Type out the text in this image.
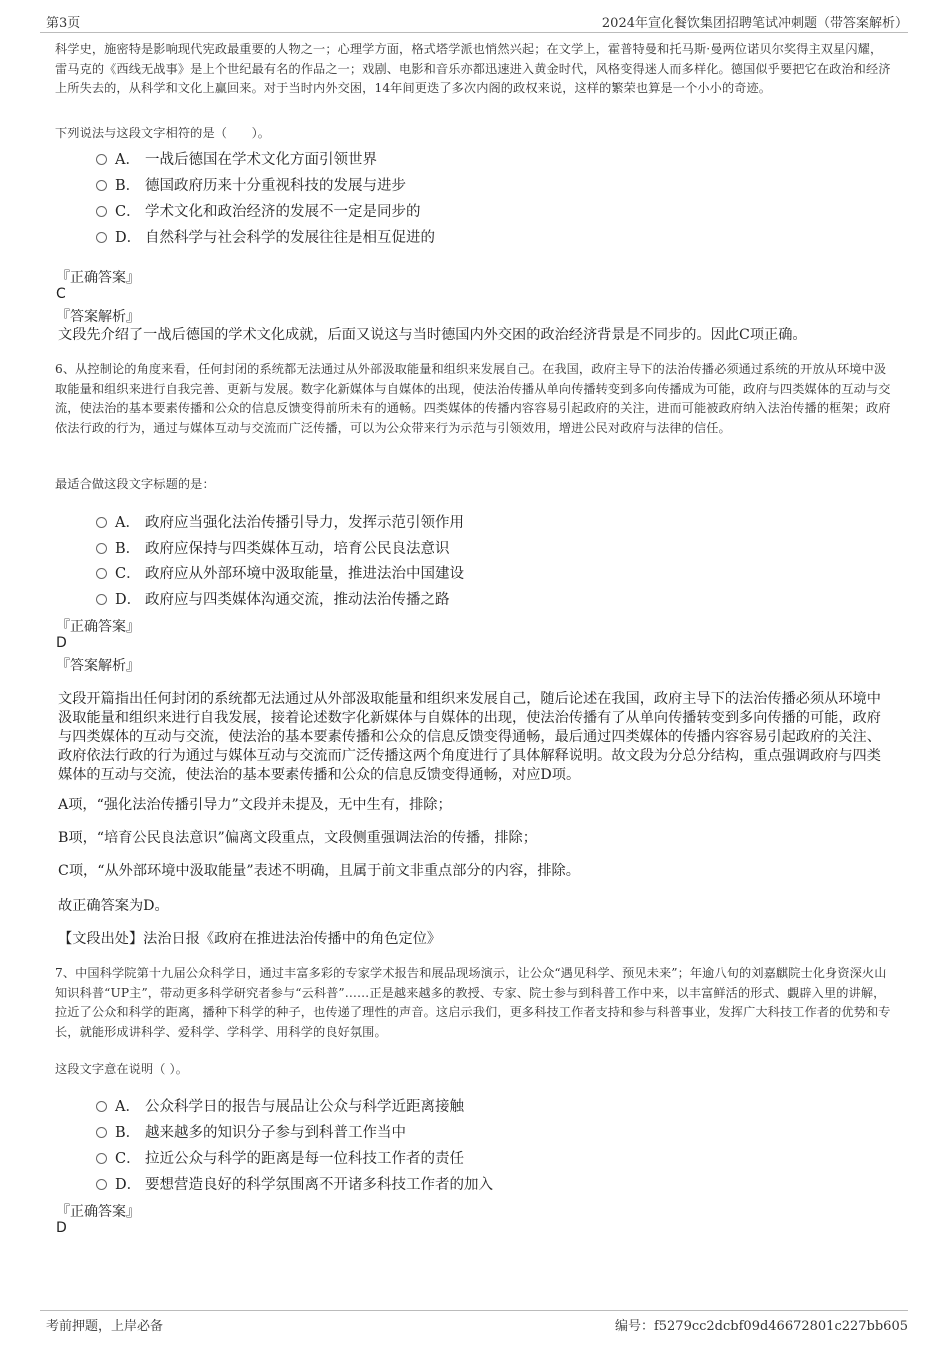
第3页	2024年宣化餐饮集团招聘笔试冲刺题（带答案解析）
科学史，施密特是影响现代宪政最重要的人物之一；心理学方面，格式塔学派也悄然兴起；在文学上，霍普特曼和托马斯·曼两位诺贝尔奖得主双星闪耀，雷马克的《西线无战事》是上个世纪最有名的作品之一；戏剧、电影和音乐亦都迅速进入黄金时代，风格变得迷人而多样化。德国似乎要把它在政治和经济上所失去的，从科学和文化上赢回来。对于当时内外交困，14年间更迭了多次内阁的政权来说，这样的繁荣也算是一个小小的奇迹。
下列说法与这段文字相符的是（　　）。
A． 一战后德国在学术文化方面引领世界
B． 德国政府历来十分重视科技的发展与进步
C． 学术文化和政治经济的发展不一定是同步的
D． 自然科学与社会科学的发展往往是相互促进的
『正确答案』
C
『答案解析』
文段先介绍了一战后德国的学术文化成就，后面又说这与当时德国内外交困的政治经济背景是不同步的。因此C项正确。
6、从控制论的角度来看，任何封闭的系统都无法通过从外部汲取能量和组织来发展自己。在我国，政府主导下的法治传播必须通过系统的开放从环境中汲取能量和组织来进行自我完善、更新与发展。数字化新媒体与自媒体的出现，使法治传播从单向传播转变到多向传播成为可能，政府与四类媒体的互动与交流，使法治的基本要素传播和公众的信息反馈变得前所未有的通畅。四类媒体的传播内容容易引起政府的关注，进而可能被政府纳入法治传播的框架；政府依法行政的行为，通过与媒体互动与交流而广泛传播，可以为公众带来行为示范与引领效用，增进公民对政府与法律的信任。
最适合做这段文字标题的是：
A． 政府应当强化法治传播引导力，发挥示范引领作用
B． 政府应保持与四类媒体互动，培育公民良法意识
C． 政府应从外部环境中汲取能量，推进法治中国建设
D． 政府应与四类媒体沟通交流，推动法治传播之路
『正确答案』
D
『答案解析』
文段开篇指出任何封闭的系统都无法通过从外部汲取能量和组织来发展自己，随后论述在我国，政府主导下的法治传播必须从环境中汲取能量和组织来进行自我发展，接着论述数字化新媒体与自媒体的出现，使法治传播有了从单向传播转变到多向传播的可能，政府与四类媒体的互动与交流，使法治的基本要素传播和公众的信息反馈变得通畅，最后通过四类媒体的传播内容容易引起政府的关注、政府依法行政的行为通过与媒体互动与交流而广泛传播这两个角度进行了具体解释说明。故文段为分总分结构，重点强调政府与四类媒体的互动与交流，使法治的基本要素传播和公众的信息反馈变得通畅，对应D项。
A项，“强化法治传播引导力”文段并未提及，无中生有，排除；
B项，“培育公民良法意识”偏离文段重点，文段侧重强调法治的传播，排除；
C项，“从外部环境中汲取能量”表述不明确，且属于前文非重点部分的内容，排除。
故正确答案为D。
【文段出处】法治日报《政府在推进法治传播中的角色定位》
7、中国科学院第十九届公众科学日，通过丰富多彩的专家学术报告和展品现场演示，让公众“遇见科学、预见未来”；年逾八旬的刘嘉麒院士化身资深火山知识科普“UP主”，带动更多科学研究者参与“云科普”……正是越来越多的教授、专家、院士参与到科普工作中来，以丰富鲜活的形式、覷辟入里的讲解，拉近了公众和科学的距离，播种下科学的种子，也传递了理性的声音。这启示我们，更多科技工作者支持和参与科普事业，发挥广大科技工作者的优势和专长，就能形成讲科学、爱科学、学科学、用科学的良好氛围。
这段文字意在说明（ ）。
A． 公众科学日的报告与展品让公众与科学近距离接触
B． 越来越多的知识分子参与到科普工作当中
C． 拉近公众与科学的距离是每一位科技工作者的责任
D． 要想营造良好的科学氛围离不开诸多科技工作者的加入
『正确答案』
D
考前押题，上岸必备	编号：f5279cc2dcbf09d46672801c227bb605
